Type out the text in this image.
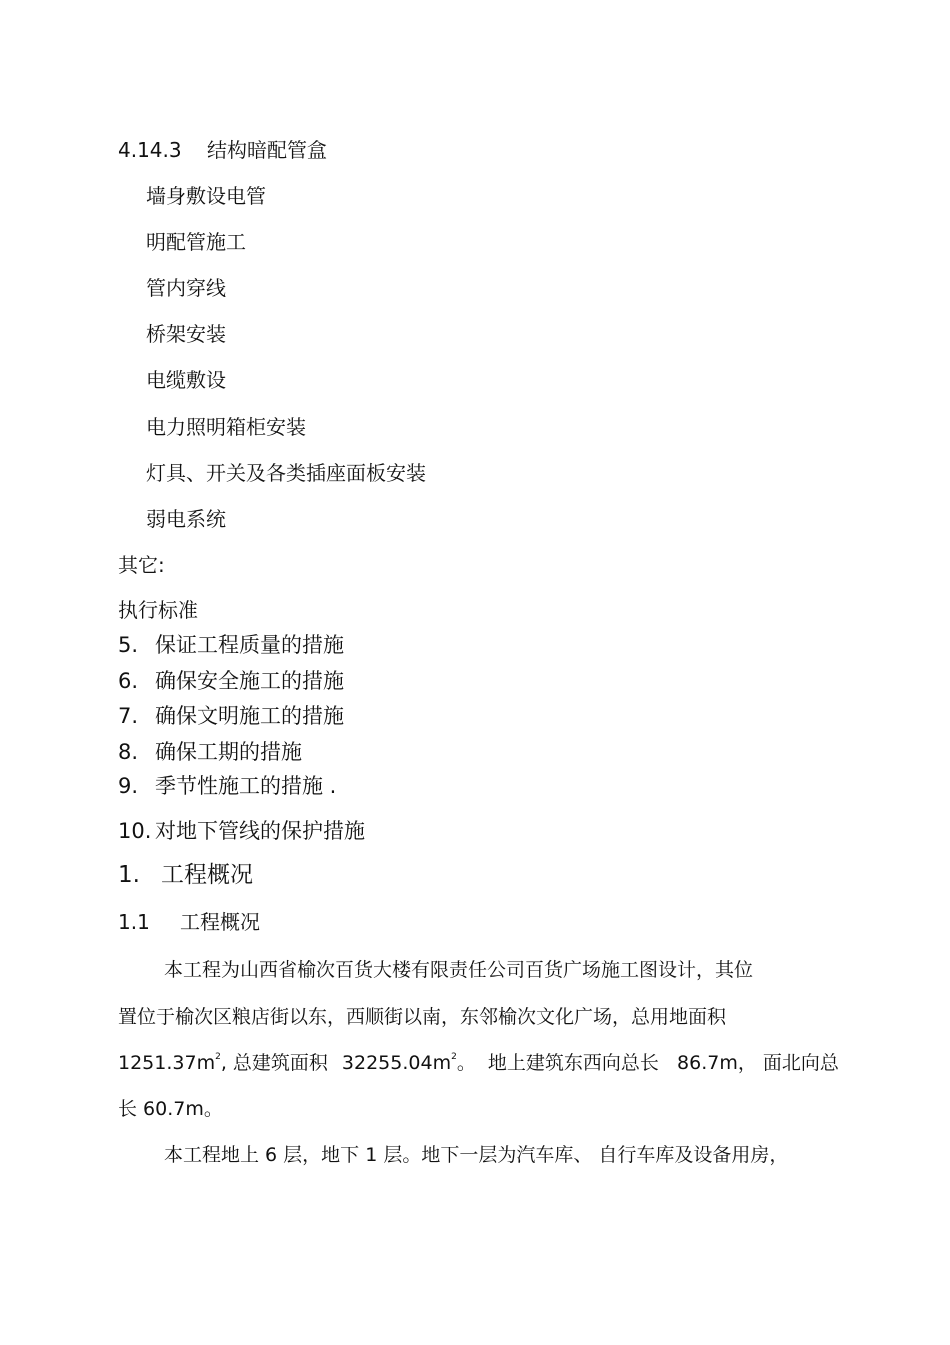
4.14.3 结构暗配管盒
墙身敷设电管
明配管施工
管内穿线
桥架安装
电缆敷设
电力照明箱柜安装
灯具、开关及各类插座面板安装
弱电系统
其它:
执行标准
5. 保证工程质量的措施
6. 确保安全施工的措施
7. 确保文明施工的措施
8. 确保工期的措施
9. 季节性施工的措施 .
10. 对地下管线的保护措施
1. 工程概况
1.1 工程概况
本工程为山西省榆次百货大楼有限责任公司百货广场施工图设计，其位
置位于榆次区粮店街以东，西顺街以南，东邻榆次文化广场，总用地面积
$1251.37m^2$, 总建筑面积 $32255.04m^2$。  地上建筑东西向总长   86.7m， 面北向总
长 60.7m。
本工程地上 6 层，地下 1 层。地下一层为汽车库、 自行车库及设备用房，
